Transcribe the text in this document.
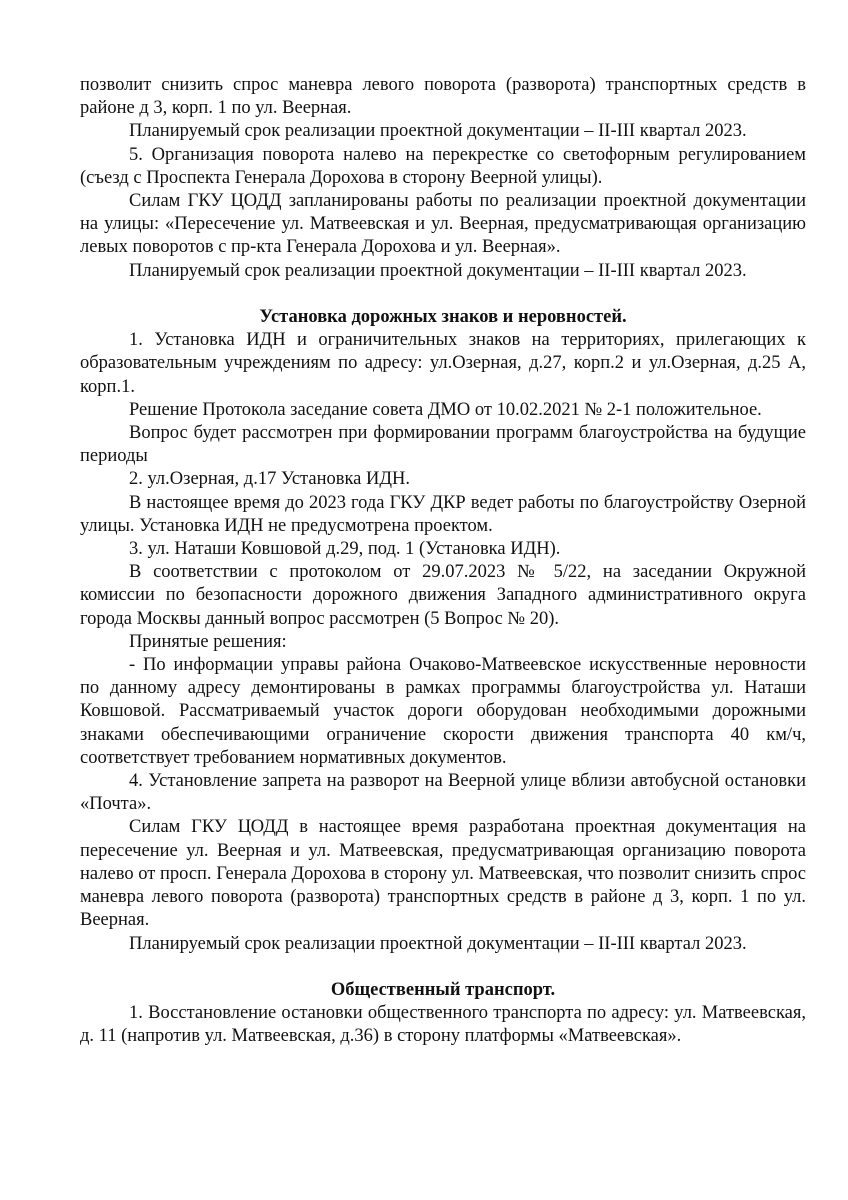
позволит снизить спрос маневра левого поворота (разворота) транспортных средств в районе д 3, корп. 1 по ул. Веерная.

Планируемый срок реализации проектной документации – II-III квартал 2023.

5. Организация поворота налево на перекрестке со светофорным регулированием (съезд с Проспекта Генерала Дорохова в сторону Веерной улицы).

Силам ГКУ ЦОДД запланированы работы по реализации проектной документации на улицы: «Пересечение ул. Матвеевская и ул. Веерная, предусматривающая организацию левых поворотов с пр-кта Генерала Дорохова и ул. Веерная».

Планируемый срок реализации проектной документации – II-III квартал 2023.

Установка дорожных знаков и неровностей.

1. Установка ИДН и ограничительных знаков на территориях, прилегающих к образовательным учреждениям по адресу: ул.Озерная, д.27, корп.2 и ул.Озерная, д.25 А, корп.1.

Решение Протокола заседание совета ДМО от 10.02.2021 № 2-1 положительное.

Вопрос будет рассмотрен при формировании программ благоустройства на будущие периоды

2. ул.Озерная, д.17 Установка ИДН.

В настоящее время до 2023 года ГКУ ДКР ведет работы по благоустройству Озерной улицы. Установка ИДН не предусмотрена проектом.

3. ул. Наташи Ковшовой д.29, под. 1 (Установка ИДН).

В соответствии с протоколом от 29.07.2023 № 5/22, на заседании Окружной комиссии по безопасности дорожного движения Западного административного округа города Москвы данный вопрос рассмотрен (5 Вопрос № 20).

Принятые решения:

- По информации управы района Очаково-Матвеевское искусственные неровности по данному адресу демонтированы в рамках программы благоустройства ул. Наташи Ковшовой. Рассматриваемый участок дороги оборудован необходимыми дорожными знаками обеспечивающими ограничение скорости движения транспорта 40 км/ч, соответствует требованием нормативных документов.

4. Установление запрета на разворот на Веерной улице вблизи автобусной остановки «Почта».

Силам ГКУ ЦОДД в настоящее время разработана проектная документация на пересечение ул. Веерная и ул. Матвеевская, предусматривающая организацию поворота налево от просп. Генерала Дорохова в сторону ул. Матвеевская, что позволит снизить спрос маневра левого поворота (разворота) транспортных средств в районе д 3, корп. 1 по ул. Веерная.

Планируемый срок реализации проектной документации – II-III квартал 2023.

Общественный транспорт.

1. Восстановление остановки общественного транспорта по адресу: ул. Матвеевская, д. 11 (напротив ул. Матвеевская, д.36) в сторону платформы «Матвеевская».
